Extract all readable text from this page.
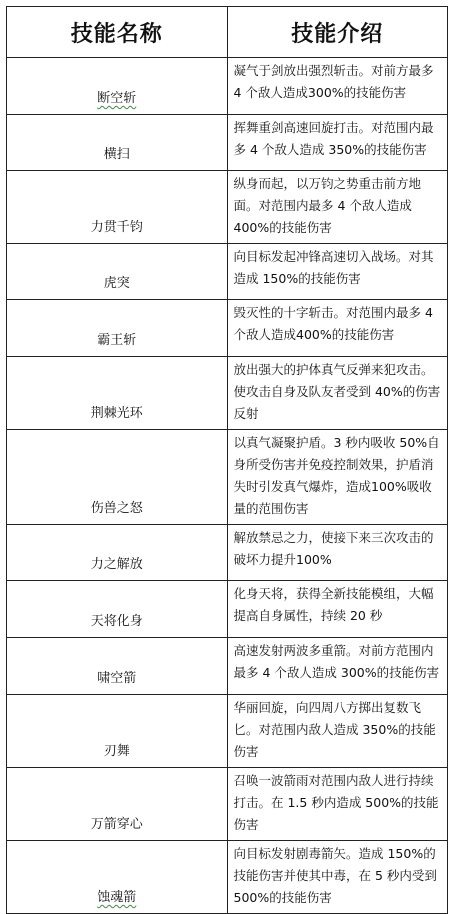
技能名称	技能介绍
断空斩	凝气于剑放出强烈斩击。对前方最多 4 个敌人造成300%的技能伤害
横扫	挥舞重剑高速回旋打击。对范围内最多 4 个敌人造成 350%的技能伤害
力贯千钧	纵身而起，以万钧之势重击前方地面。对范围内最多 4 个敌人造成 400%的技能伤害
虎突	向目标发起冲锋高速切入战场。对其造成 150%的技能伤害
霸王斩	毁灭性的十字斩击。对范围内最多 4 个敌人造成400%的技能伤害
荆棘光环	放出强大的护体真气反弹来犯攻击。使攻击自身及队友者受到 40%的伤害反射
伤兽之怒	以真气凝聚护盾。3 秒内吸收 50%自身所受伤害并免疫控制效果，护盾消失时引发真气爆炸，造成100%吸收量的范围伤害
力之解放	解放禁忌之力，使接下来三次攻击的破坏力提升100%
天将化身	化身天将，获得全新技能模组，大幅提高自身属性，持续 20 秒
啸空箭	高速发射两波多重箭。对前方范围内最多 4 个敌人造成 300%的技能伤害
刃舞	华丽回旋，向四周八方掷出复数飞匕。对范围内敌人造成 350%的技能伤害
万箭穿心	召唤一波箭雨对范围内敌人进行持续打击。在 1.5 秒内造成 500%的技能伤害
蚀魂箭	向目标发射剧毒箭矢。造成 150%的技能伤害并使其中毒，在 5 秒内受到 500%的技能伤害
